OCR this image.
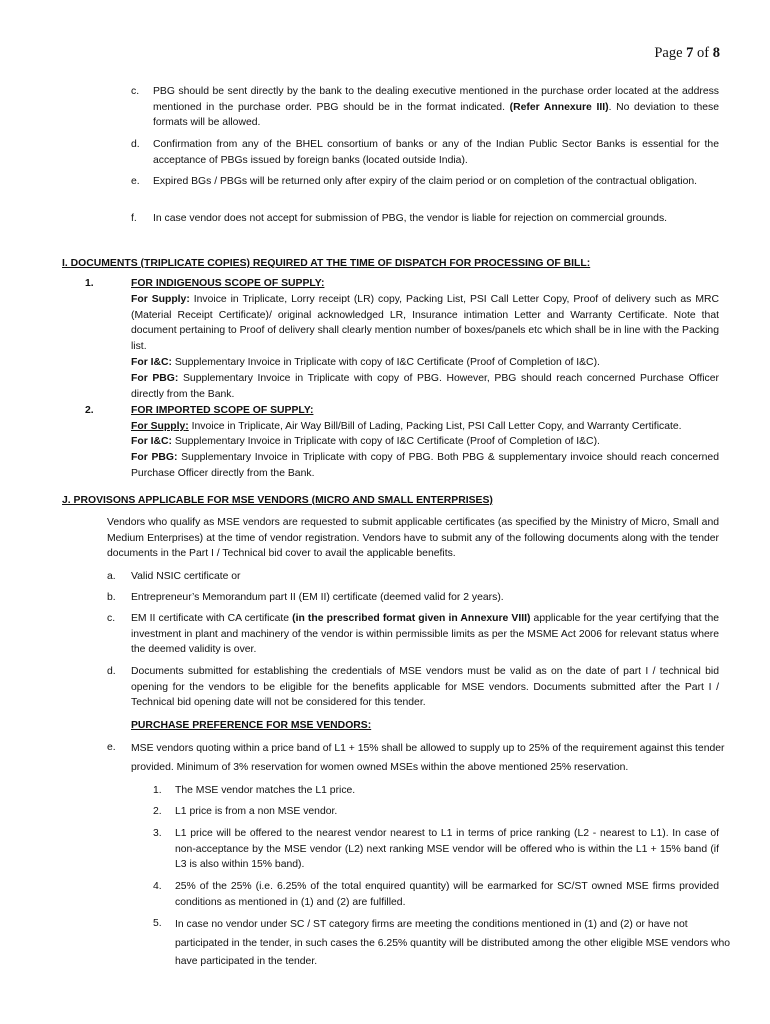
Page 7 of 8
c. PBG should be sent directly by the bank to the dealing executive mentioned in the purchase order located at the address mentioned in the purchase order. PBG should be in the format indicated. (Refer Annexure III). No deviation to these formats will be allowed.

d. Confirmation from any of the BHEL consortium of banks or any of the Indian Public Sector Banks is essential for the acceptance of PBGs issued by foreign banks (located outside India).

e. Expired BGs / PBGs will be returned only after expiry of the claim period or on completion of the contractual obligation.

f. In case vendor does not accept for submission of PBG, the vendor is liable for rejection on commercial grounds.

I. DOCUMENTS (TRIPLICATE COPIES) REQUIRED AT THE TIME OF DISPATCH FOR PROCESSING OF BILL:

1.	FOR INDIGENOUS SCOPE OF SUPPLY:

For Supply: Invoice in Triplicate, Lorry receipt (LR) copy, Packing List, PSI Call Letter Copy, Proof of delivery such as MRC (Material Receipt Certificate)/ original acknowledged LR, Insurance intimation Letter and Warranty Certificate. Note that document pertaining to Proof of delivery shall clearly mention number of boxes/panels etc which shall be in line with the Packing list.

For I&C: Supplementary Invoice in Triplicate with copy of I&C Certificate (Proof of Completion of I&C).

For PBG: Supplementary Invoice in Triplicate with copy of PBG. However, PBG should reach concerned Purchase Officer directly from the Bank.

2.	FOR IMPORTED SCOPE OF SUPPLY:

For Supply: Invoice in Triplicate, Air Way Bill/Bill of Lading, Packing List, PSI Call Letter Copy, and Warranty Certificate.

For I&C: Supplementary Invoice in Triplicate with copy of I&C Certificate (Proof of Completion of I&C).

For PBG: Supplementary Invoice in Triplicate with copy of PBG. Both PBG & supplementary invoice should reach concerned Purchase Officer directly from the Bank.

J. PROVISONS APPLICABLE FOR MSE VENDORS (MICRO AND SMALL ENTERPRISES)

Vendors who qualify as MSE vendors are requested to submit applicable certificates (as specified by the Ministry of Micro, Small and Medium Enterprises) at the time of vendor registration. Vendors have to submit any of the following documents along with the tender documents in the Part I / Technical bid cover to avail the applicable benefits.

a. Valid NSIC certificate or

b. Entrepreneur’s Memorandum part II (EM II) certificate (deemed valid for 2 years).

c. EM II certificate with CA certificate (in the prescribed format given in Annexure VIII) applicable for the year certifying that the investment in plant and machinery of the vendor is within permissible limits as per the MSME Act 2006 for relevant status where the deemed validity is over.

d. Documents submitted for establishing the credentials of MSE vendors must be valid as on the date of part I / technical bid opening for the vendors to be eligible for the benefits applicable for MSE vendors. Documents submitted after the Part I / Technical bid opening date will not be considered for this tender.

PURCHASE PREFERENCE FOR MSE VENDORS:

e. MSE vendors quoting within a price band of L1 + 15% shall be allowed to supply up to 25% of the requirement against this tender provided. Minimum of 3% reservation for women owned MSEs within the above mentioned 25% reservation.

1. The MSE vendor matches the L1 price.

2. L1 price is from a non MSE vendor.

3. L1 price will be offered to the nearest vendor nearest to L1 in terms of price ranking (L2 - nearest to L1). In case of non-acceptance by the MSE vendor (L2) next ranking MSE vendor will be offered who is within the L1 + 15% band (if L3 is also within 15% band).

4. 25% of the 25% (i.e. 6.25% of the total enquired quantity) will be earmarked for SC/ST owned MSE firms provided conditions as mentioned in (1) and (2) are fulfilled.

5. In case no vendor under SC / ST category firms are meeting the conditions mentioned in (1) and (2) or have not participated in the tender, in such cases the 6.25% quantity will be distributed among the other eligible MSE vendors who have participated in the tender.
